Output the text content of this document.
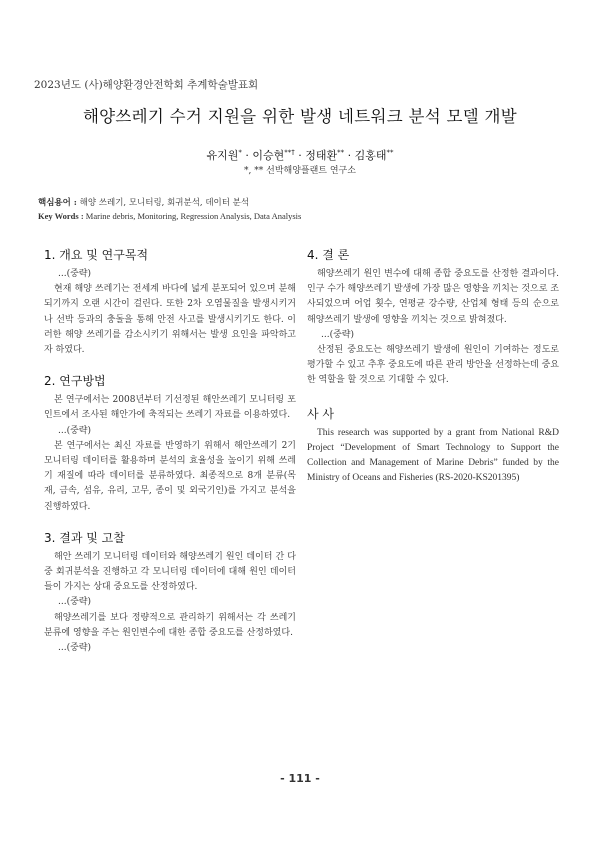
2023년도 (사)해양환경안전학회 추계학술발표회
해양쓰레기 수거 지원을 위한 발생 네트워크 분석 모델 개발
유지원* · 이승현**† · 정태환** · 김홍태**
*, ** 선박해양플랜트 연구소
핵심용어 : 해양 쓰레기, 모니터링, 회귀분석, 데이터 분석
Key Words : Marine debris, Monitoring, Regression Analysis, Data Analysis
1. 개요 및 연구목적

...(중략)

현재 해양 쓰레기는 전세계 바다에 넓게 분포되어 있으며 분해되기까지 오랜 시간이 걸린다. 또한 2차 오염물질을 발생시키거나 선박 등과의 충돌을 통해 안전 사고를 발생시키기도 한다. 이러한 해양 쓰레기를 감소시키기 위해서는 발생 요인을 파악하고자 하였다.

2. 연구방법

본 연구에서는 2008년부터 기선정된 해안쓰레기 모니터링 포인트에서 조사된 해안가에 축적되는 쓰레기 자료를 이용하였다.

...(중략)

본 연구에서는 최신 자료를 반영하기 위해서 해안쓰레기 2기 모니터링 데이터를 활용하며 분석의 효율성을 높이기 위해 쓰레기 재질에 따라 데이터를 분류하였다. 최종적으로 8개 분류(목재, 금속, 섬유, 유리, 고무, 종이 및 외국기인)를 가지고 분석을 진행하였다.

3. 결과 및 고찰

해안 쓰레기 모니터링 데이터와 해양쓰레기 원인 데이터 간 다중 회귀분석을 진행하고 각 모니터링 데이터에 대해 원인 데이터들이 가지는 상대 중요도를 산정하였다.

...(중략)

해양쓰레기를 보다 정량적으로 관리하기 위해서는 각 쓰레기 분류에 영향을 주는 원인변수에 대한 종합 중요도를 산정하였다.

...(중략)

4. 결 론

해양쓰레기 원인 변수에 대해 종합 중요도를 산정한 결과이다. 인구 수가 해양쓰레기 발생에 가장 많은 영향을 끼치는 것으로 조사되었으며 어업 횟수, 연평균 강수량, 산업체 형태 등의 순으로 해양쓰레기 발생에 영향을 끼치는 것으로 밝혀졌다.

...(중략)

산정된 중요도는 해양쓰레기 발생에 원인이 기여하는 정도로 평가할 수 있고 추후 중요도에 따른 관리 방안을 선정하는데 중요한 역할을 할 것으로 기대할 수 있다.

사 사

This research was supported by a grant from National R&D Project “Development of Smart Technology to Support the Collection and Management of Marine Debris” funded by the Ministry of Oceans and Fisheries (RS-2020-KS201395)

- 111 -
